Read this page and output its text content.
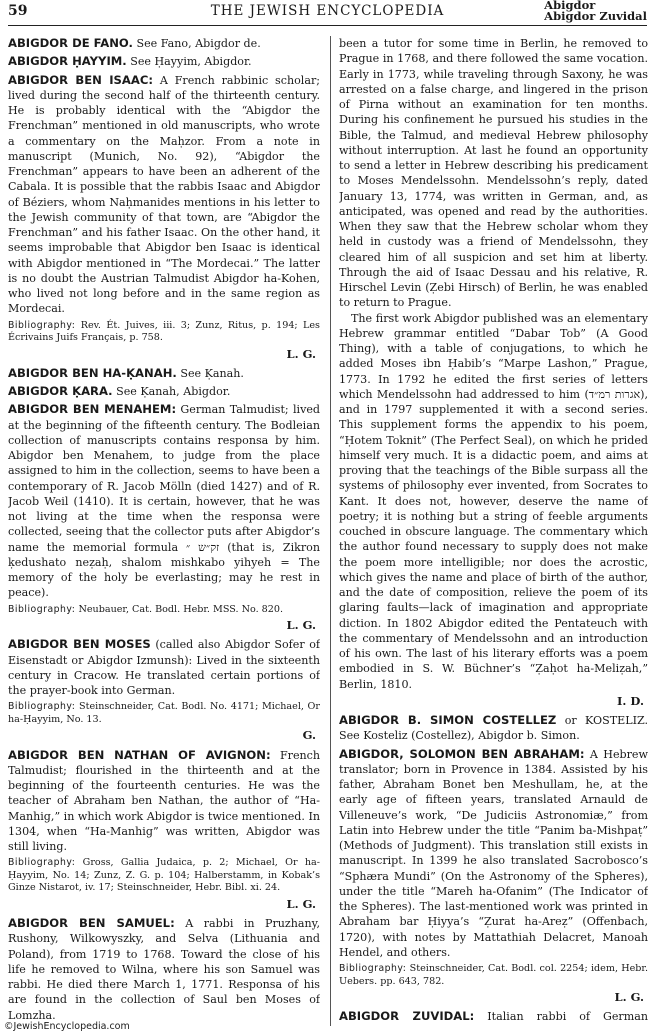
59	THE JEWISH ENCYCLOPEDIA	Abigdor
Abigdor Zuvidal

ABIGDOR DE FANO. See Fano, Abigdor de.

ABIGDOR ḤAYYIM. See Ḥayyim, Abigdor.

ABIGDOR BEN ISAAC: A French rabbinic scholar; lived during the second half of the thirteenth century. He is probably identical with the “Abigdor the Frenchman” mentioned in old manuscripts, who wrote a commentary on the Maḥzor. From a note in manuscript (Munich, No. 92), “Abigdor the Frenchman” appears to have been an adherent of the Cabala. It is possible that the rabbis Isaac and Abigdor of Béziers, whom Naḥmanides mentions in his letter to the Jewish community of that town, are “Abigdor the Frenchman” and his father Isaac. On the other hand, it seems improbable that Abigdor ben Isaac is identical with Abigdor mentioned in “The Mordecai.” The latter is no doubt the Austrian Talmudist Abigdor ha-Kohen, who lived not long before and in the same region as Mordecai.

Bibliography: Rev. Ét. Juives, iii. 3; Zunz, Ritus, p. 194; Les Écrivains Juifs Français, p. 758.

L. G.

ABIGDOR BEN HA-ḲANAH. See Ḳanah.

ABIGDOR ḲARA. See Ḳanah, Abigdor.

ABIGDOR BEN MENAHEM: German Talmudist; lived at the beginning of the fifteenth century. The Bodleian collection of manuscripts contains responsa by him. Abigdor ben Menahem, to judge from the place assigned to him in the collection, seems to have been a contemporary of R. Jacob Mölln (died 1427) and of R. Jacob Weil (1410). It is certain, however, that he was not living at the time when the responsa were collected, seeing that the collector puts after Abigdor’s name the memorial formula זק״ש ״ (that is, Zikron ḳedushato neẓaḥ, shalom mishkabo yihyeh = The memory of the holy be everlasting; may he rest in peace).

Bibliography: Neubauer, Cat. Bodl. Hebr. MSS. No. 820.

L. G.

ABIGDOR BEN MOSES (called also Abigdor Sofer of Eisenstadt or Abigdor Izmunsh): Lived in the sixteenth century in Cracow. He translated certain portions of the prayer-book into German.

Bibliography: Steinschneider, Cat. Bodl. No. 4171; Michael, Or ha-Ḥayyim, No. 13.

G.

ABIGDOR BEN NATHAN OF AVIGNON: French Talmudist; flourished in the thirteenth and at the beginning of the fourteenth centuries. He was the teacher of Abraham ben Nathan, the author of “Ha-Manhig,” in which work Abigdor is twice mentioned. In 1304, when “Ha-Manhig” was written, Abigdor was still living.

Bibliography: Gross, Gallia Judaica, p. 2; Michael, Or ha-Ḥayyim, No. 14; Zunz, Z. G. p. 104; Halberstamm, in Kobak’s Ginze Nistarot, iv. 17; Steinschneider, Hebr. Bibl. xi. 24.

L. G.

ABIGDOR BEN SAMUEL: A rabbi in Pruzhany, Rushony, Wilkowyszky, and Selva (Lithuania and Poland), from 1719 to 1768. Toward the close of his life he removed to Wilna, where his son Samuel was rabbi. He died there March 1, 1771. Responsa of his are found in the collection of Saul ben Moses of Lomzha.

been a tutor for some time in Berlin, he removed to Prague in 1768, and there followed the same vocation. Early in 1773, while traveling through Saxony, he was arrested on a false charge, and lingered in the prison of Pirna without an examination for ten months. During his confinement he pursued his studies in the Bible, the Talmud, and medieval Hebrew philosophy without interruption. At last he found an opportunity to send a letter in Hebrew describing his predicament to Moses Mendelssohn. Mendelssohn’s reply, dated January 13, 1774, was written in German, and, as anticipated, was opened and read by the authorities. When they saw that the Hebrew scholar whom they held in custody was a friend of Mendelssohn, they cleared him of all suspicion and set him at liberty. Through the aid of Isaac Dessau and his relative, R. Hirschel Levin (Ẓebi Hirsch) of Berlin, he was enabled to return to Prague.

The first work Abigdor published was an elementary Hebrew grammar entitled “Dabar Tob” (A Good Thing), with a table of conjugations, to which he added Moses ibn Ḥabib’s “Marpe Lashon,” Prague, 1773. In 1792 he edited the first series of letters which Mendelssohn had addressed to him (אגרות רמ״ד), and in 1797 supplemented it with a second series. This supplement forms the appendix to his poem, “Ḥotem Toknit” (The Perfect Seal), on which he prided himself very much. It is a didactic poem, and aims at proving that the teachings of the Bible surpass all the systems of philosophy ever invented, from Socrates to Kant. It does not, however, deserve the name of poetry; it is nothing but a string of feeble arguments couched in obscure language. The commentary which the author found necessary to supply does not make the poem more intelligible; nor does the acrostic, which gives the name and place of birth of the author, and the date of composition, relieve the poem of its glaring faults—lack of imagination and appropriate diction. In 1802 Abigdor edited the Pentateuch with the commentary of Mendelssohn and an introduction of his own. The last of his literary efforts was a poem embodied in S. W. Büchner’s “Ẓaḥot ha-Meliẓah,” Berlin, 1810.

I. D.

ABIGDOR B. SIMON COSTELLEZ or KOSTELIZ. See Kosteliz (Costellez), Abigdor b. Simon.

ABIGDOR, SOLOMON BEN ABRAHAM: A Hebrew translator; born in Provence in 1384. Assisted by his father, Abraham Bonet ben Meshullam, he, at the early age of fifteen years, translated Arnauld de Villeneuve’s work, “De Judiciis Astronomiæ,” from Latin into Hebrew under the title “Panim ba-Mishpaṭ” (Methods of Judgment). This translation still exists in manuscript. In 1399 he also translated Sacrobosco’s “Sphæra Mundi” (On the Astronomy of the Spheres), under the title “Mareh ha-Ofanim” (The Indicator of the Spheres). The last-mentioned work was printed in Abraham bar Ḥiyya’s “Ẓurat ha-Areẓ” (Offenbach, 1720), with notes by Mattathiah Delacret, Manoah Hendel, and others.

Bibliography: Steinschneider, Cat. Bodl. col. 2254; idem, Hebr. Uebers. pp. 643, 782.

L. G.

ABIGDOR ZUVIDAL: Italian rabbi of German

©JewishEncyclopedia.com
